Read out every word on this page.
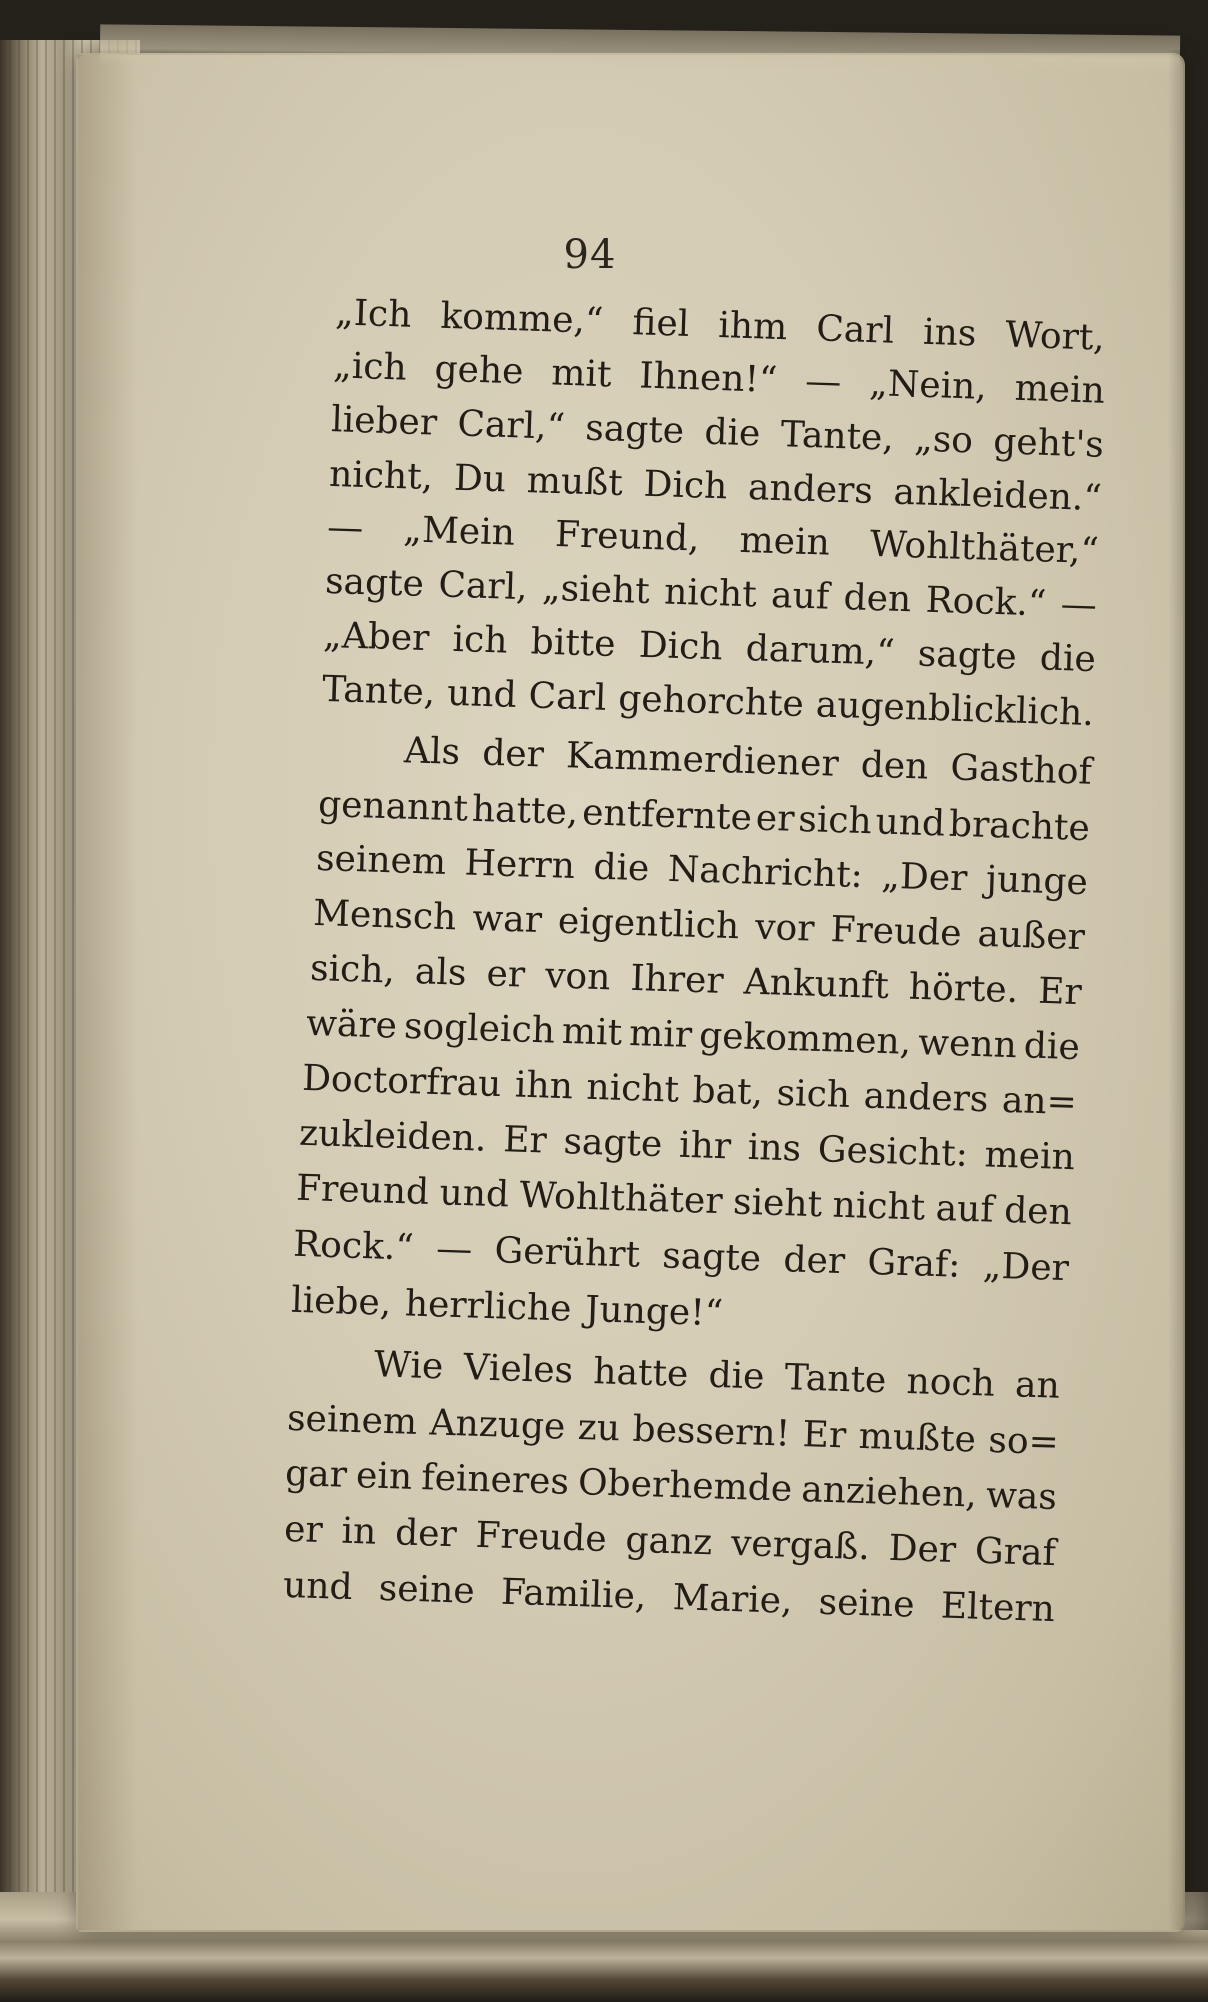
94
„Ich komme,“ fiel ihm Carl ins Wort,
„ich gehe mit Ihnen!“ — „Nein, mein
lieber Carl,“ sagte die Tante, „so geht's
nicht, Du mußt Dich anders ankleiden.“
— „Mein Freund, mein Wohlthäter,“
sagte Carl, „sieht nicht auf den Rock.“ —
„Aber ich bitte Dich darum,“ sagte die
Tante, und Carl gehorchte augenblicklich.
Als der Kammerdiener den Gasthof
genannt hatte, entfernte er sich und brachte
seinem Herrn die Nachricht: „Der junge
Mensch war eigentlich vor Freude außer
sich, als er von Ihrer Ankunft hörte. Er
wäre sogleich mit mir gekommen, wenn die
Doctorfrau ihn nicht bat, sich anders an=
zukleiden. Er sagte ihr ins Gesicht: mein
Freund und Wohlthäter sieht nicht auf den
Rock.“ — Gerührt sagte der Graf: „Der
liebe, herrliche Junge!“
Wie Vieles hatte die Tante noch an
seinem Anzuge zu bessern! Er mußte so=
gar ein feineres Oberhemde anziehen, was
er in der Freude ganz vergaß. Der Graf
und seine Familie, Marie, seine Eltern
